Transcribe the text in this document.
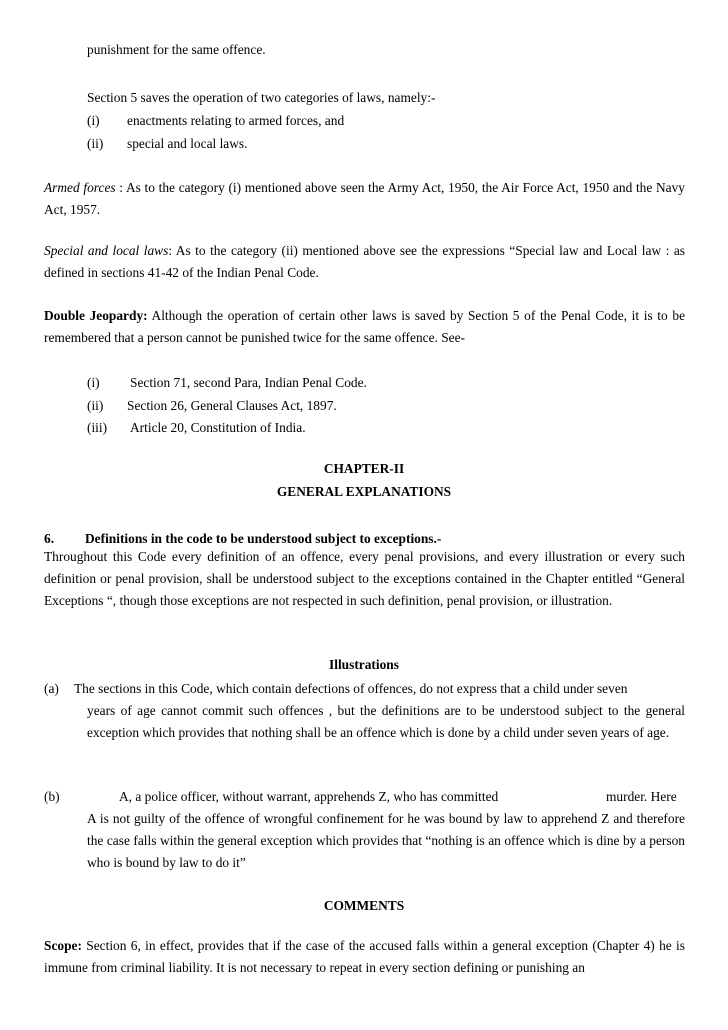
punishment for the same offence.
Section 5 saves the operation of two categories of laws, namely:-
(i) enactments relating to armed forces, and
(ii) special and local laws.
Armed forces : As to the category (i) mentioned above seen the Army Act, 1950, the Air Force Act, 1950 and the Navy Act, 1957.
Special and local laws: As to the category (ii) mentioned above see the expressions “Special law and Local law : as defined in sections 41-42 of the Indian Penal Code.
Double Jeopardy: Although the operation of certain other laws is saved by Section 5 of the Penal Code, it is to be remembered that a person cannot be punished twice for the same offence. See-
(i) Section 71, second Para, Indian Penal Code.
(ii) Section 26, General Clauses Act, 1897.
(iii) Article 20, Constitution of India.
CHAPTER-II
GENERAL EXPLANATIONS
6. Definitions in the code to be understood subject to exceptions.-
Throughout this Code every definition of an offence, every penal provisions, and every illustration or every such definition or penal provision, shall be understood subject to the exceptions contained in the Chapter entitled “General Exceptions “, though those exceptions are not respected in such definition, penal provision, or illustration.
Illustrations
(a) The sections in this Code, which contain defections of offences, do not express that a child under seven
years of age cannot commit such offences , but the definitions are to be understood subject to the general exception which provides that nothing shall be an offence which is done by a child under seven years of age.
(b)	A, a police officer, without warrant, apprehends Z, who has committed	murder. Here
A is not guilty of the offence of wrongful confinement for he was bound by law to apprehend Z and therefore the case falls within the general exception which provides that “nothing is an offence which is dine by a person who is bound by law to do it”
COMMENTS
Scope: Section 6, in effect, provides that if the case of the accused falls within a general exception (Chapter 4) he is immune from criminal liability. It is not necessary to repeat in every section defining or punishing an
